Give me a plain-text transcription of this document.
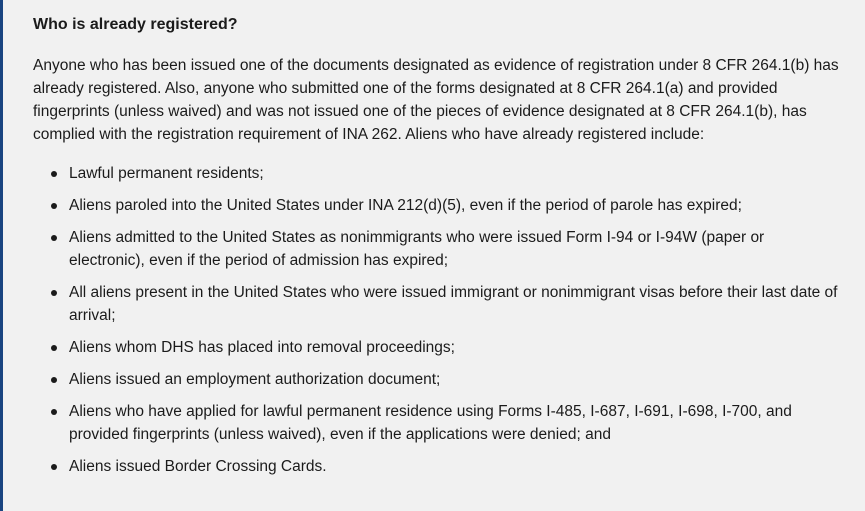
Who is already registered?

Anyone who has been issued one of the documents designated as evidence of registration under 8 CFR 264.1(b) has already registered. Also, anyone who submitted one of the forms designated at 8 CFR 264.1(a) and provided fingerprints (unless waived) and was not issued one of the pieces of evidence designated at 8 CFR 264.1(b), has complied with the registration requirement of INA 262. Aliens who have already registered include:

Lawful permanent residents;
Aliens paroled into the United States under INA 212(d)(5), even if the period of parole has expired;
Aliens admitted to the United States as nonimmigrants who were issued Form I-94 or I-94W (paper or electronic), even if the period of admission has expired;
All aliens present in the United States who were issued immigrant or nonimmigrant visas before their last date of arrival;
Aliens whom DHS has placed into removal proceedings;
Aliens issued an employment authorization document;
Aliens who have applied for lawful permanent residence using Forms I-485, I-687, I-691, I-698, I-700, and provided fingerprints (unless waived), even if the applications were denied; and
Aliens issued Border Crossing Cards.
